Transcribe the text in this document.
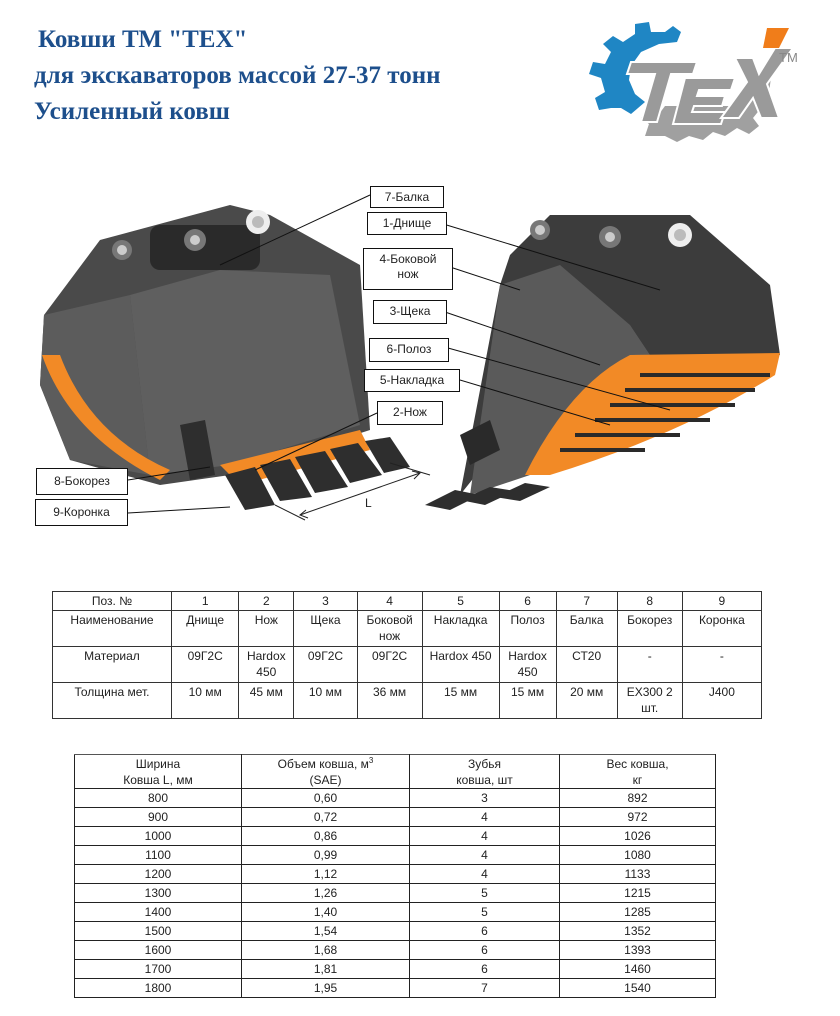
Ковши ТМ "ТЕХ"
для экскаваторов массой 27-37 тонн
Усиленный ковш
TM
L
7-Балка
1-Днище
4-Боковой
нож
3-Щека
6-Полоз
5-Накладка
2-Нож
8-Бокорез
9-Коронка
Поз. №	1	2	3	4	5	6	7	8	9
Наименование	Днище	Нож	Щека	Боковой нож	Накладка	Полоз	Балка	Бокорез	Коронка
Материал	09Г2С	Hardox 450	09Г2С	09Г2С	Hardox 450	Hardox 450	СТ20	-	-
Толщина мет.	10 мм	45 мм	10 мм	36 мм	15 мм	15 мм	20 мм	EX300 2 шт.	J400
Ширина
Ковша L, мм

Объем ковша, $м^3$
(SAE)

Зубья
ковша, шт

Вес ковша,
кг

800	0,60	3	892
900	0,72	4	972
1000	0,86	4	1026
1100	0,99	4	1080
1200	1,12	4	1133
1300	1,26	5	1215
1400	1,40	5	1285
1500	1,54	6	1352
1600	1,68	6	1393
1700	1,81	6	1460
1800	1,95	7	1540
